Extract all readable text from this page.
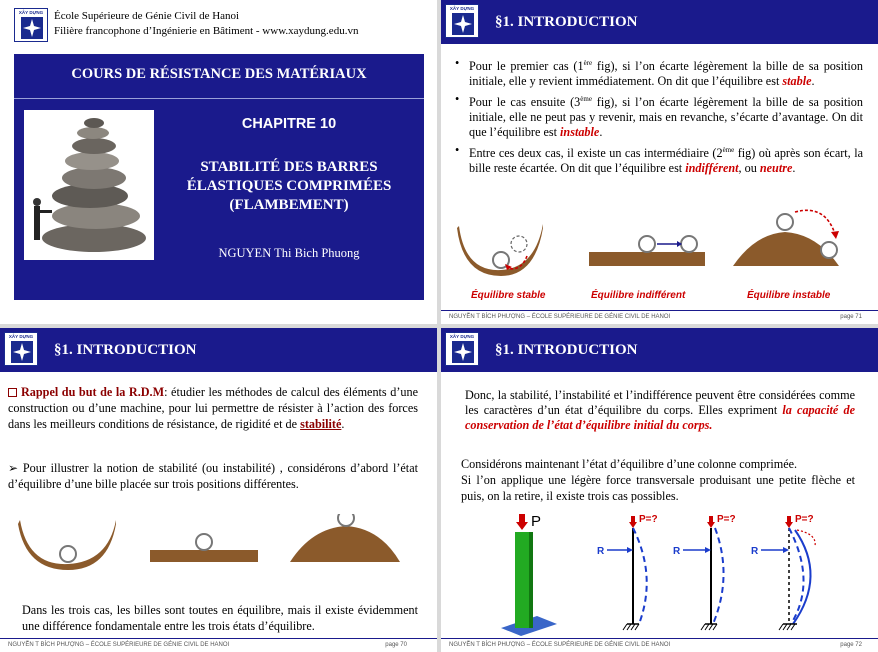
XÂY DỰNG École Supérieure de Génie Civil de Hanoi
Filière francophone d’Ingénierie en Bâtiment - www.xaydung.edu.vn
COURS DE RÉSISTANCE DES MATÉRIAUX
CHAPITRE 10
STABILITÉ DES BARRES
ÉLASTIQUES COMPRIMÉES
(FLAMBEMENT)
NGUYEN Thi Bich Phuong
XÂY DỰNG
§1. INTRODUCTION
• Pour le premier cas (1ère fig), si l’on écarte légèrement la bille de sa position initiale, elle y revient immédiatement. On dit que l’équilibre est stable.
• Pour le cas ensuite (3ème fig), si l’on écarte légèrement la bille de sa position initiale, elle ne peut pas y revenir, mais en revanche, s’écarte d’avantage. On dit que l’équilibre est instable.
• Entre ces deux cas, il existe un cas intermédiaire (2ème fig) où après son écart, la bille reste écartée. On dit que l’équilibre est indifférent, ou neutre.
Équilibre stable	Équilibre indifférent	Équilibre instable
NGUYỄN T BÍCH PHƯỢNG – ÉCOLE SUPÉRIEURE DE GÉNIE CIVIL DE HANOI	page 71
XÂY DỰNG
§1. INTRODUCTION
Rappel du but de la R.D.M: étudier les méthodes de calcul des éléments d’une construction ou d’une machine, pour lui permettre de résister à l’action des forces dans les meilleurs conditions de résistance, de rigidité et de stabilité.
➢ Pour illustrer la notion de stabilité (ou instabilité) , considérons d’abord l’état d’équilibre d’une bille placée sur trois positions différentes.
Dans les trois cas, les billes sont toutes en équilibre, mais il existe évidemment une différence fondamentale entre les trois états d’équilibre.
NGUYỄN T BÍCH PHƯỢNG – ÉCOLE SUPÉRIEURE DE GÉNIE CIVIL DE HANOI	page 70
XÂY DỰNG
§1. INTRODUCTION
Donc, la stabilité, l’instabilité et l’indifférence peuvent être considérées comme les caractères d’un état d’équilibre du corps. Elles expriment la capacité de conservation de l’état d’équilibre initial du corps.
Considérons maintenant l’état d’équilibre d’une colonne comprimée.
Si l’on applique une légère force transversale produisant une petite flèche et puis, on la retire, il existe trois cas possibles.
P
R
P=?
R
P=?
R
P=?
NGUYỄN T BÍCH PHƯỢNG – ÉCOLE SUPÉRIEURE DE GÉNIE CIVIL DE HANOI	page 72
